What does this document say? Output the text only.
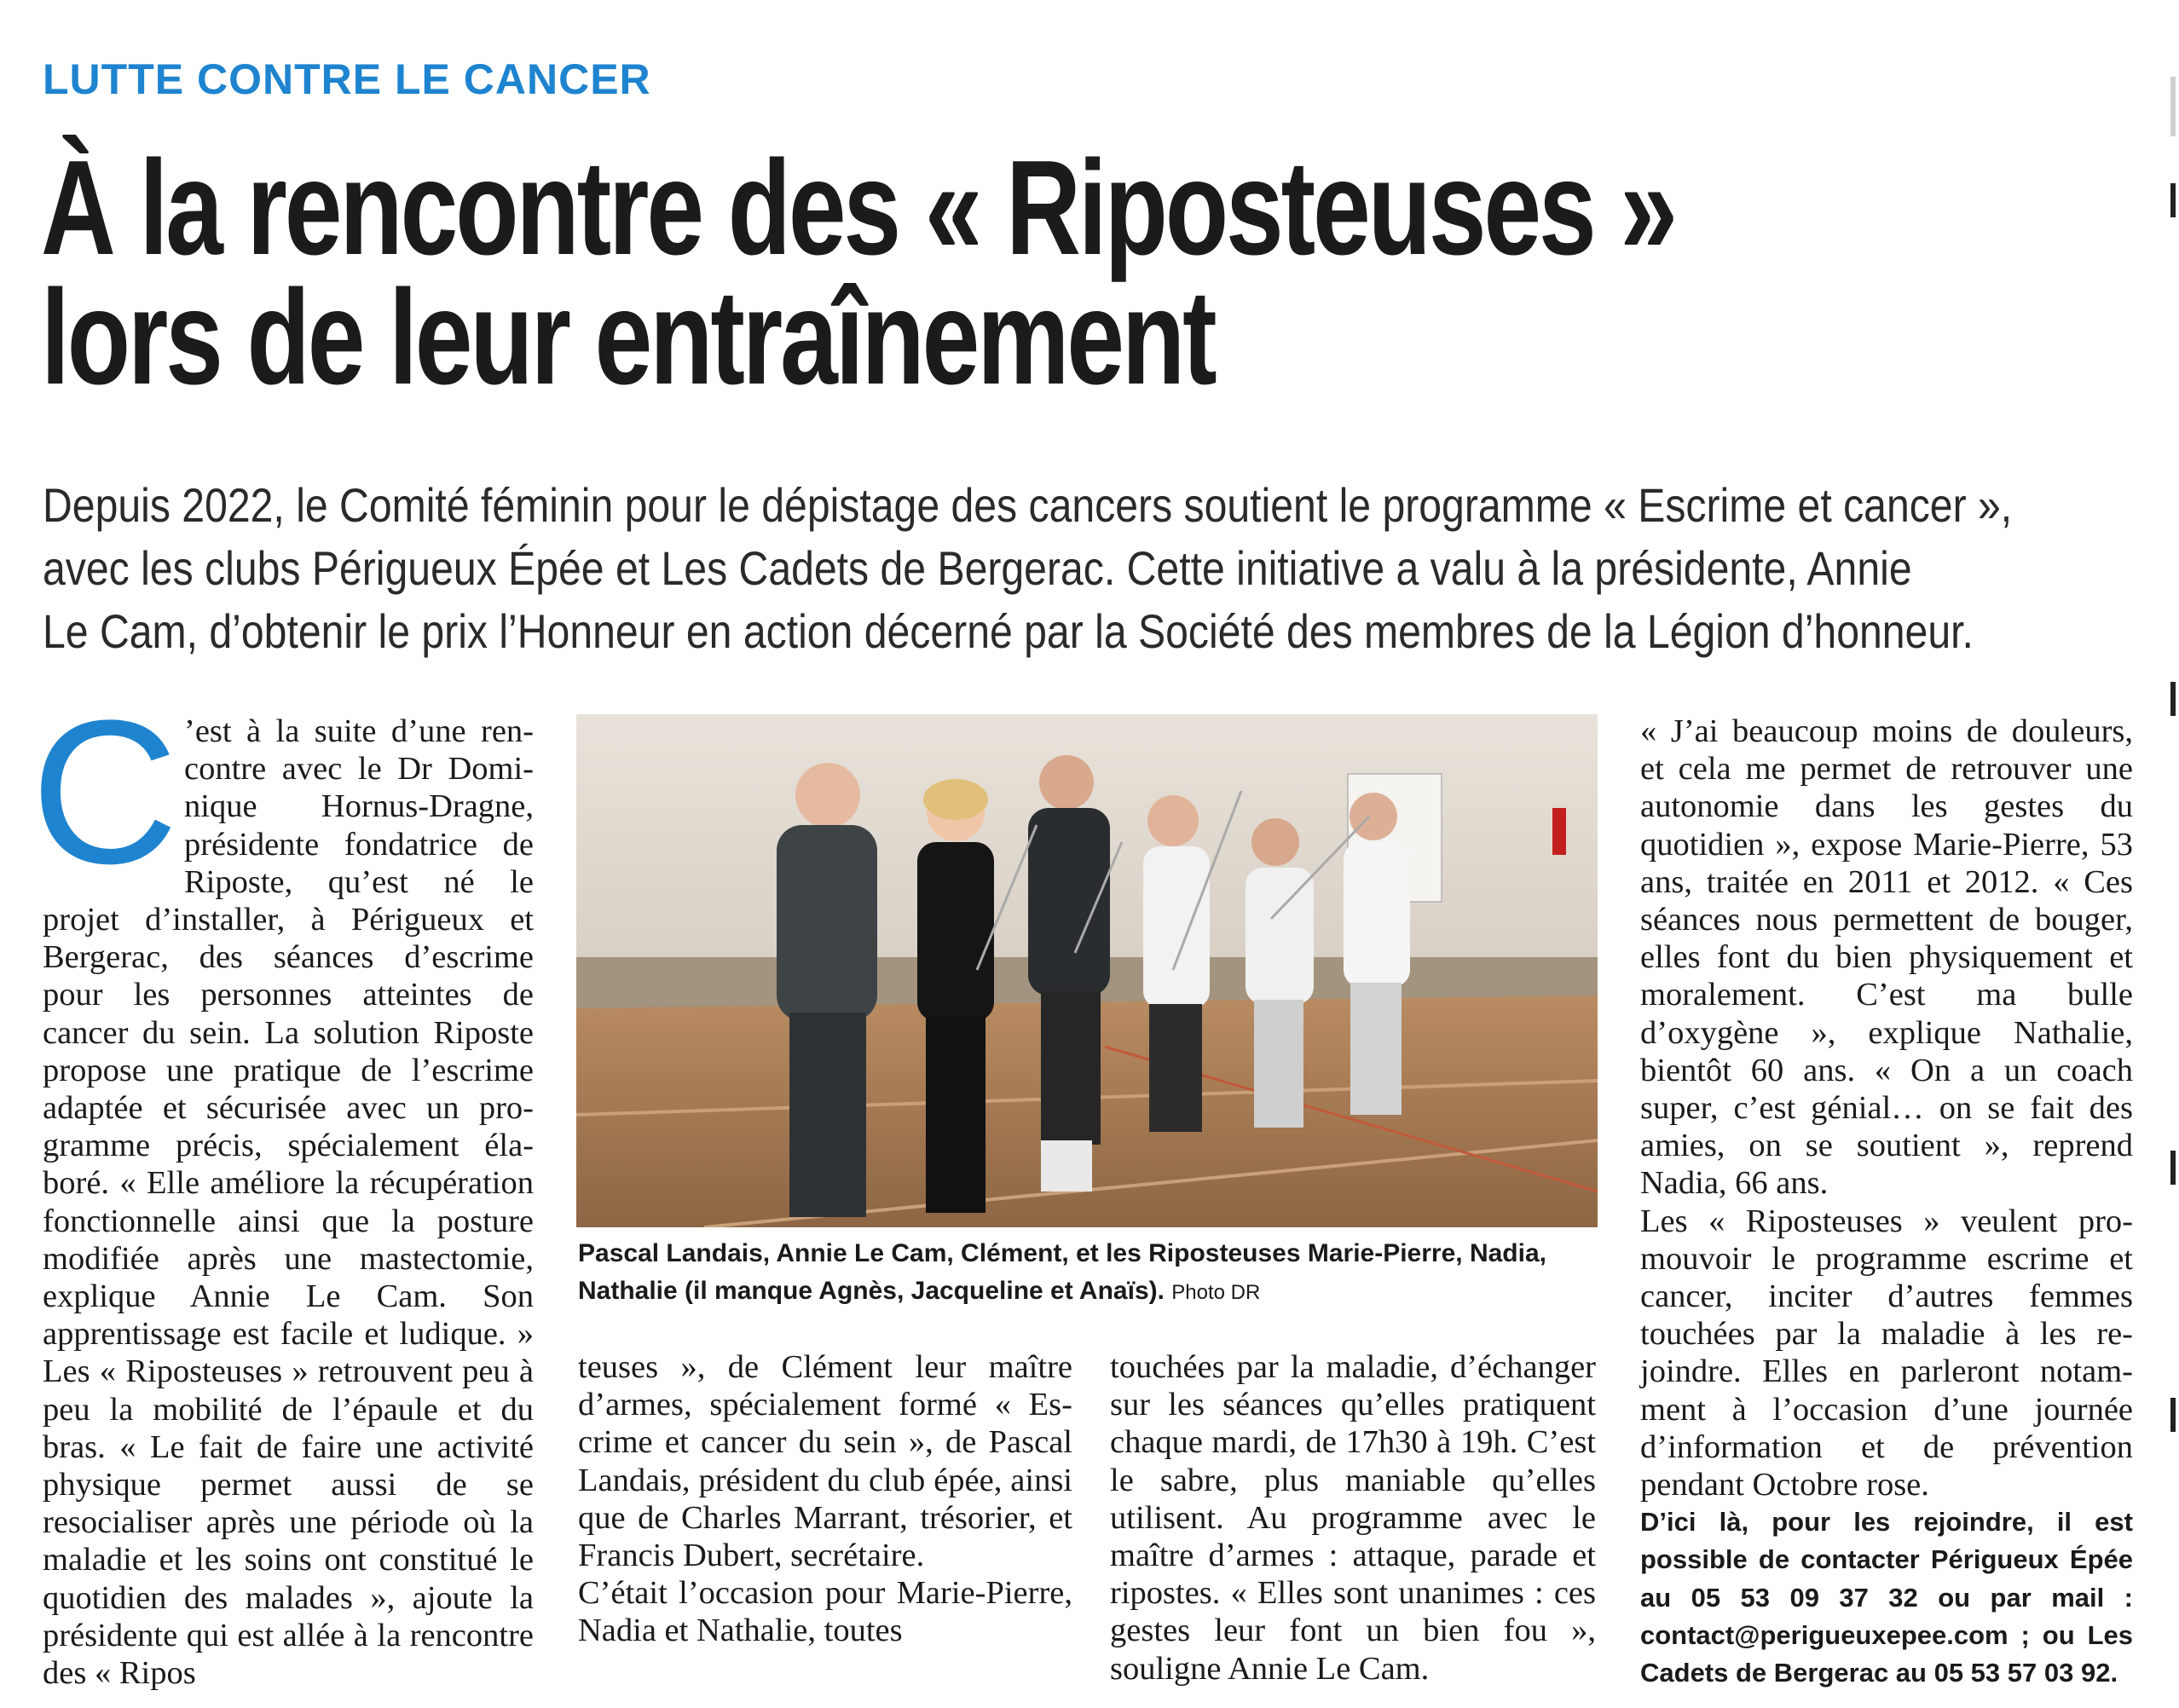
LUTTE CONTRE LE CANCER
À la rencontre des « Riposteuses »
lors de leur entraînement
Depuis 2022, le Comité féminin pour le dépistage des cancers soutient le programme « Escrime et cancer »,
avec les clubs Périgueux Épée et Les Cadets de Bergerac. Cette initiative a valu à la présidente, Annie
Le Cam, d’obtenir le prix l’Honneur en action décerné par la Société des membres de la Légion d’honneur.
C ’est à la suite d’une rencontre avec le Dr Dominique Hornus-Dragne, présidente fondatrice de Riposte, qu’est né le projet d’installer, à Périgueux et Bergerac, des séances d’escrime pour les personnes atteintes de cancer du sein. La solution Riposte propose une pratique de l’escrime adaptée et sécurisée avec un programme précis, spécialement élaboré. « Elle améliore la récupération fonctionnelle ainsi que la posture modifiée après une mastectomie, explique Annie Le Cam. Son apprentissage est facile et ludique. » Les « Riposteuses » retrouvent peu à peu la mobilité de l’épaule et du bras. « Le fait de faire une activité physique permet aussi de se resocialiser après une période où la maladie et les soins ont constitué le quotidien des malades », ajoute la présidente qui est allée à la rencontre des « Ripos

Pascal Landais, Annie Le Cam, Clément, et les Riposteuses Marie-Pierre, Nadia, Nathalie (il manque Agnès, Jacqueline et Anaïs). Photo DR

teuses », de Clément leur maître d’armes, spécialement formé « Escrime et cancer du sein », de Pascal Landais, président du club épée, ainsi que de Charles Marrant, trésorier, et Francis Dubert, secrétaire.

C’était l’occasion pour Marie-Pierre, Nadia et Nathalie, toutes

touchées par la maladie, d’échanger sur les séances qu’elles pratiquent chaque mardi, de 17h30 à 19h. C’est le sabre, plus maniable qu’elles utilisent. Au programme avec le maître d’armes : attaque, parade et ripostes. « Elles sont unanimes : ces gestes leur font un bien fou », souligne Annie Le Cam.

« J’ai beaucoup moins de douleurs, et cela me permet de retrouver une autonomie dans les gestes du quotidien », expose Marie-Pierre, 53 ans, traitée en 2011 et 2012. « Ces séances nous permettent de bouger, elles font du bien physiquement et moralement. C’est ma bulle d’oxygène », explique Nathalie, bientôt 60 ans. « On a un coach super, c’est génial… on se fait des amies, on se soutient », reprend Nadia, 66 ans.

Les « Riposteuses » veulent promouvoir le programme escrime et cancer, inciter d’autres femmes touchées par la maladie à les rejoindre. Elles en parleront notamment à l’occasion d’une journée d’information et de prévention pendant Octobre rose.

D’ici là, pour les rejoindre, il est possible de contacter Périgueux Épée au 05 53 09 37 32 ou par mail : contact@perigueuxepee.com ; ou Les Cadets de Bergerac au 05 53 57 03 92.
